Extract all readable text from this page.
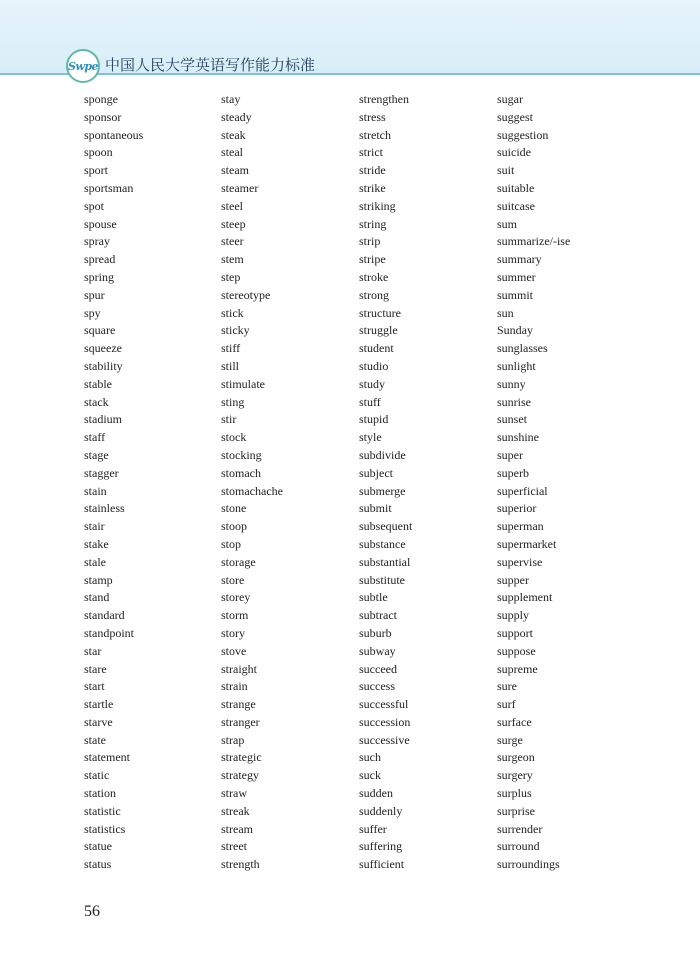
Swpe 中国人民大学英语写作能力标准
sponge
sponsor
spontaneous
spoon
sport
sportsman
spot
spouse
spray
spread
spring
spur
spy
square
squeeze
stability
stable
stack
stadium
staff
stage
stagger
stain
stainless
stair
stake
stale
stamp
stand
standard
standpoint
star
stare
start
startle
starve
state
statement
static
station
statistic
statistics
statue
status
stay
steady
steak
steal
steam
steamer
steel
steep
steer
stem
step
stereotype
stick
sticky
stiff
still
stimulate
sting
stir
stock
stocking
stomach
stomachache
stone
stoop
stop
storage
store
storey
storm
story
stove
straight
strain
strange
stranger
strap
strategic
strategy
straw
streak
stream
street
strength
strengthen
stress
stretch
strict
stride
strike
striking
string
strip
stripe
stroke
strong
structure
struggle
student
studio
study
stuff
stupid
style
subdivide
subject
submerge
submit
subsequent
substance
substantial
substitute
subtle
subtract
suburb
subway
succeed
success
successful
succession
successive
such
suck
sudden
suddenly
suffer
suffering
sufficient
sugar
suggest
suggestion
suicide
suit
suitable
suitcase
sum
summarize/-ise
summary
summer
summit
sun
Sunday
sunglasses
sunlight
sunny
sunrise
sunset
sunshine
super
superb
superficial
superior
superman
supermarket
supervise
supper
supplement
supply
support
suppose
supreme
sure
surf
surface
surge
surgeon
surgery
surplus
surprise
surrender
surround
surroundings
56
